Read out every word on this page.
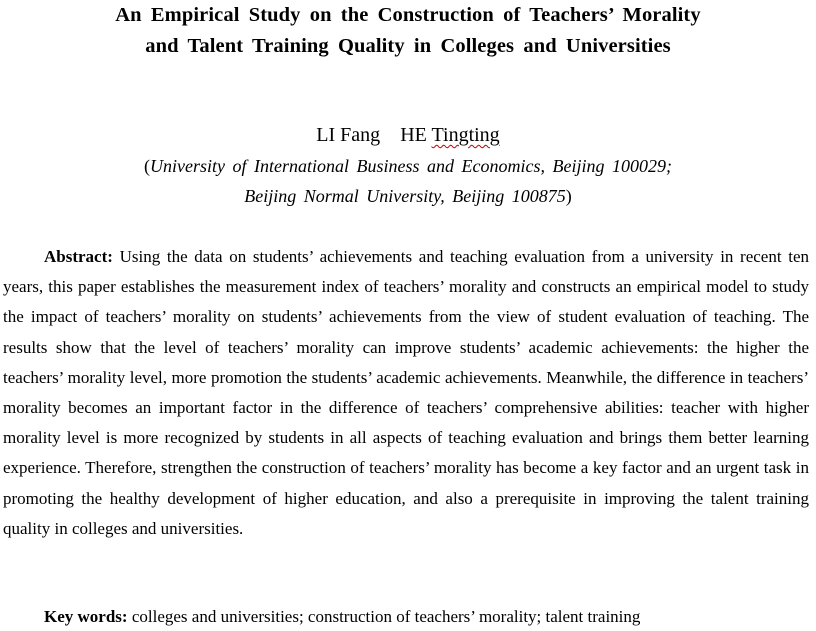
An Empirical Study on the Construction of Teachers’ Morality
and Talent Training Quality in Colleges and Universities
LI Fang HE Tingting
(University of International Business and Economics, Beijing 100029;
Beijing Normal University, Beijing 100875)

Abstract: Using the data on students’ achievements and teaching evaluation from a university in recent ten years, this paper establishes the measurement index of teachers’ morality and constructs an empirical model to study the impact of teachers’ morality on students’ achievements from the view of student evaluation of teaching. The results show that the level of teachers’ morality can improve students’ academic achievements: the higher the teachers’ morality level, more promotion the students’ academic achievements. Meanwhile, the difference in teachers’ morality becomes an important factor in the difference of teachers’ comprehensive abilities: teacher with higher morality level is more recognized by students in all aspects of teaching evaluation and brings them better learning experience. Therefore, strengthen the construction of teachers’ morality has become a key factor and an urgent task in promoting the healthy development of higher education, and also a prerequisite in improving the talent training quality in colleges and universities.

Key words: colleges and universities; construction of teachers’ morality; talent training
